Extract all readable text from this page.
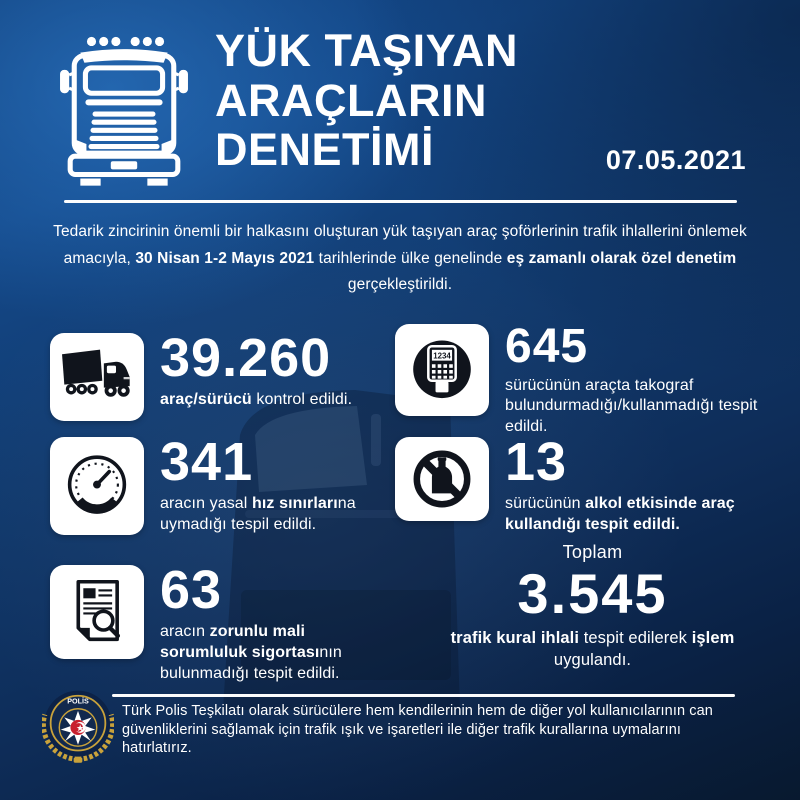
YÜK TAŞIYAN
ARAÇLARIN
DENETİMİ	07.05.2021

Tedarik zincirinin önemli bir halkasını oluşturan yük taşıyan araç şoförlerinin trafik ihlallerini önlemek amacıyla, 30 Nisan 1-2 Mayıs 2021 tarihlerinde ülke genelinde eş zamanlı olarak özel denetim gerçekleştirildi.

39.260
araç/sürücü kontrol edildi.
341
aracın yasal hız sınırlarına uymadığı tespil edildi.
63
aracın zorunlu mali sorumluluk sigortasının bulunmadığı tespit edildi.
1234 645
sürücünün araçta takograf bulundurmadığı/kullanmadığı tespit edildi.
13
sürücünün alkol etkisinde araç kullandığı tespit edildi.
Toplam
3.545
trafik kural ihlali tespit edilerek işlem uygulandı.
POLİS

Türk Polis Teşkilatı olarak sürücülere hem kendilerinin hem de diğer yol kullanıcılarının can güvenliklerini sağlamak için trafik ışık ve işaretleri ile diğer trafik kurallarına uymalarını hatırlatırız.
